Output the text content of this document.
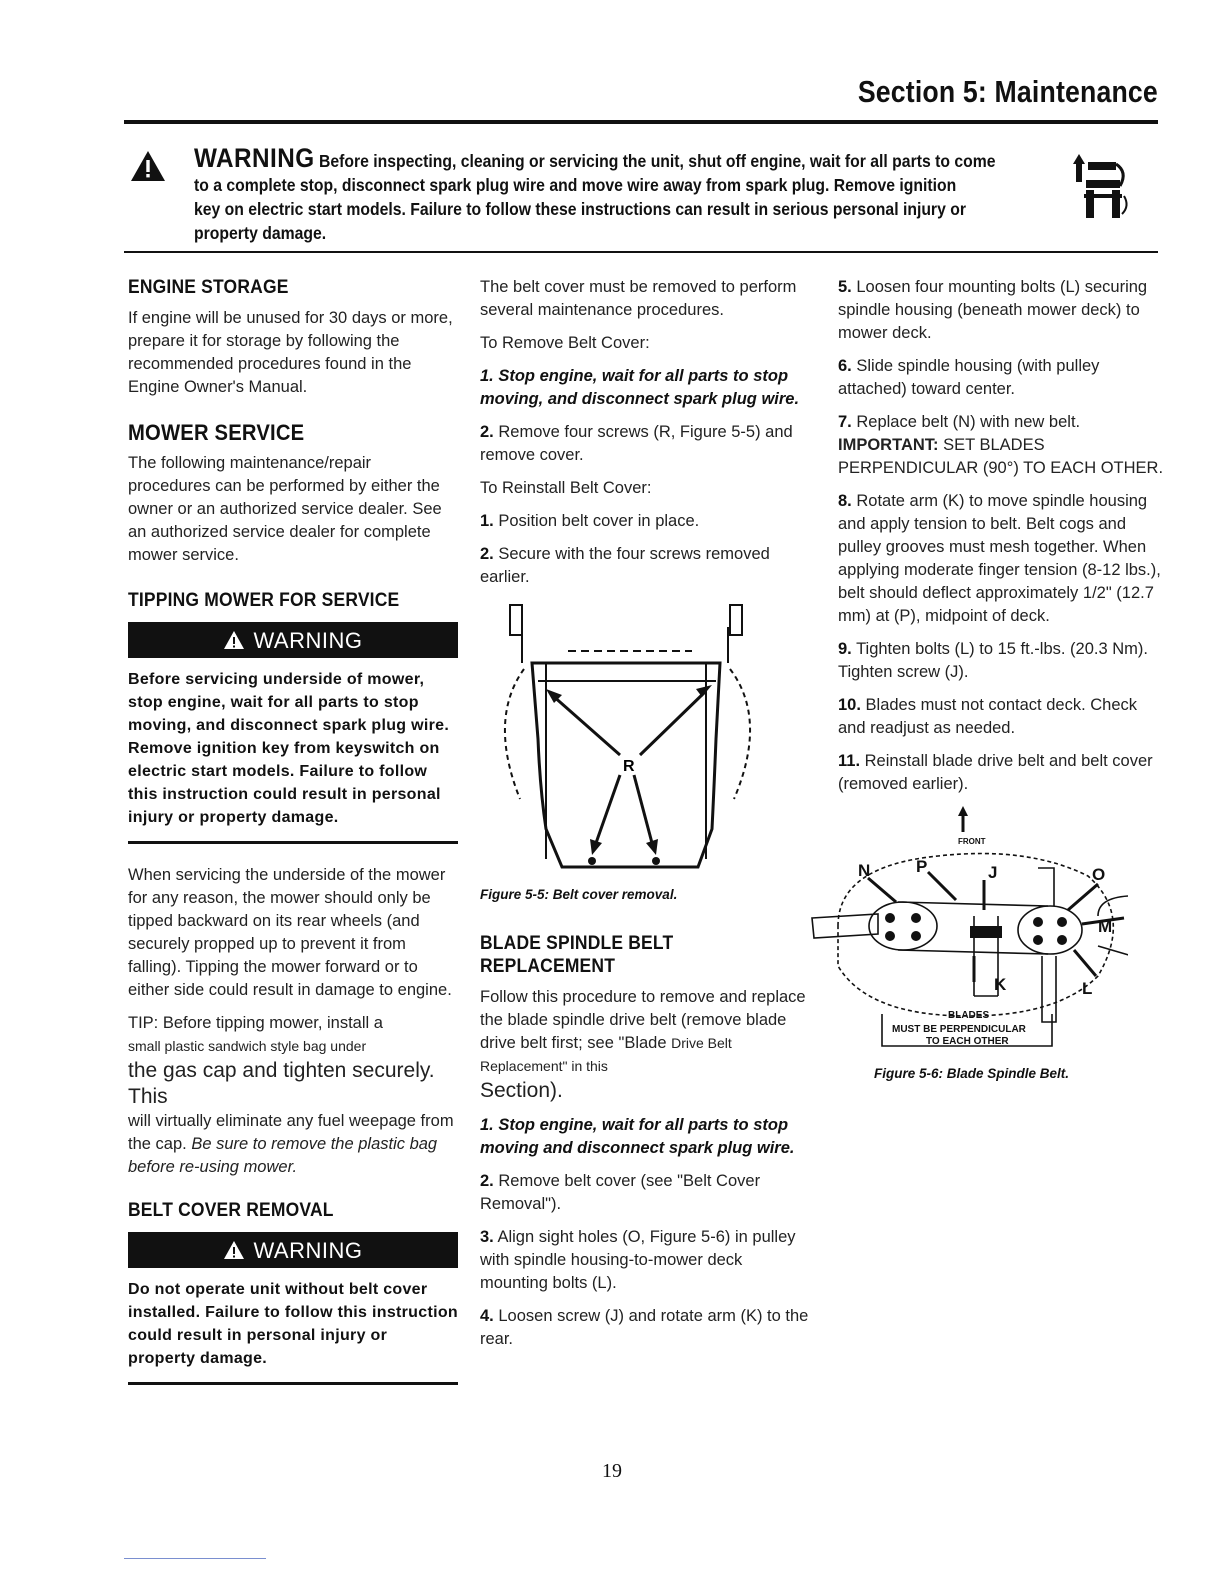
Section 5: Maintenance
WARNING Before inspecting, cleaning or servicing the unit, shut off engine, wait for all parts to come
to a complete stop, disconnect spark plug wire and move wire away from spark plug. Remove ignition
key on electric start models. Failure to follow these instructions can result in serious personal injury or
property damage.
ENGINE STORAGE

If engine will be unused for 30 days or more, prepare it for storage by following the recommended procedures found in the Engine Owner's Manual.

MOWER SERVICE

The following maintenance/repair procedures can be performed by either the owner or an authorized service dealer. See an authorized service dealer for complete mower service.

TIPPING MOWER FOR SERVICE
WARNING
Before servicing underside of mower, stop engine, wait for all parts to stop moving, and disconnect spark plug wire. Remove ignition key from keyswitch on electric start models. Failure to follow this instruction could result in personal injury or property damage.

When servicing the underside of the mower for any reason, the mower should only be tipped backward on its rear wheels (and securely propped up to prevent it from falling). Tipping the mower forward or to either side could result in damage to engine.

TIP: Before tipping mower, install a
small plastic sandwich style bag under
the gas cap and tighten securely. This
will virtually eliminate any fuel weepage from the cap. Be sure to remove the plastic bag before re-using mower.

BELT COVER REMOVAL
WARNING
Do not operate unit without belt cover installed. Failure to follow this instruction could result in personal injury or property damage.

The belt cover must be removed to perform several maintenance procedures.

To Remove Belt Cover:

1. Stop engine, wait for all parts to stop moving, and disconnect spark plug wire.

2. Remove four screws (R, Figure 5-5) and remove cover.

To Reinstall Belt Cover:

1. Position belt cover in place.

2. Secure with the four screws removed earlier.

R
Figure 5-5: Belt cover removal.
BLADE SPINDLE BELT REPLACEMENT

Follow this procedure to remove and replace the blade spindle drive belt (remove blade drive belt first; see "Blade Drive Belt Replacement" in this
Section).

1. Stop engine, wait for all parts to stop moving and disconnect spark plug wire.

2. Remove belt cover (see "Belt Cover Removal").

3. Align sight holes (O, Figure 5-6) in pulley with spindle housing-to-mower deck mounting bolts (L).

4. Loosen screw (J) and rotate arm (K) to the rear.

5. Loosen four mounting bolts (L) securing spindle housing (beneath mower deck) to mower deck.

6. Slide spindle housing (with pulley attached) toward center.

7. Replace belt (N) with new belt.

IMPORTANT: SET BLADES PERPENDICULAR (90°) TO EACH OTHER.

8. Rotate arm (K) to move spindle housing and apply tension to belt. Belt cogs and pulley grooves must mesh together. When applying moderate finger tension (8-12 lbs.), belt should deflect approximately 1/2" (12.7 mm) at (P), midpoint of deck.

9. Tighten bolts (L) to 15 ft.-lbs. (20.3 Nm). Tighten screw (J).

10. Blades must not contact deck. Check and readjust as needed.

11. Reinstall blade drive belt and belt cover (removed earlier).

FRONT
N	P	J	O
M
K	L
BLADES
MUST BE PERPENDICULAR
TO EACH OTHER
Figure 5-6: Blade Spindle Belt.
19
